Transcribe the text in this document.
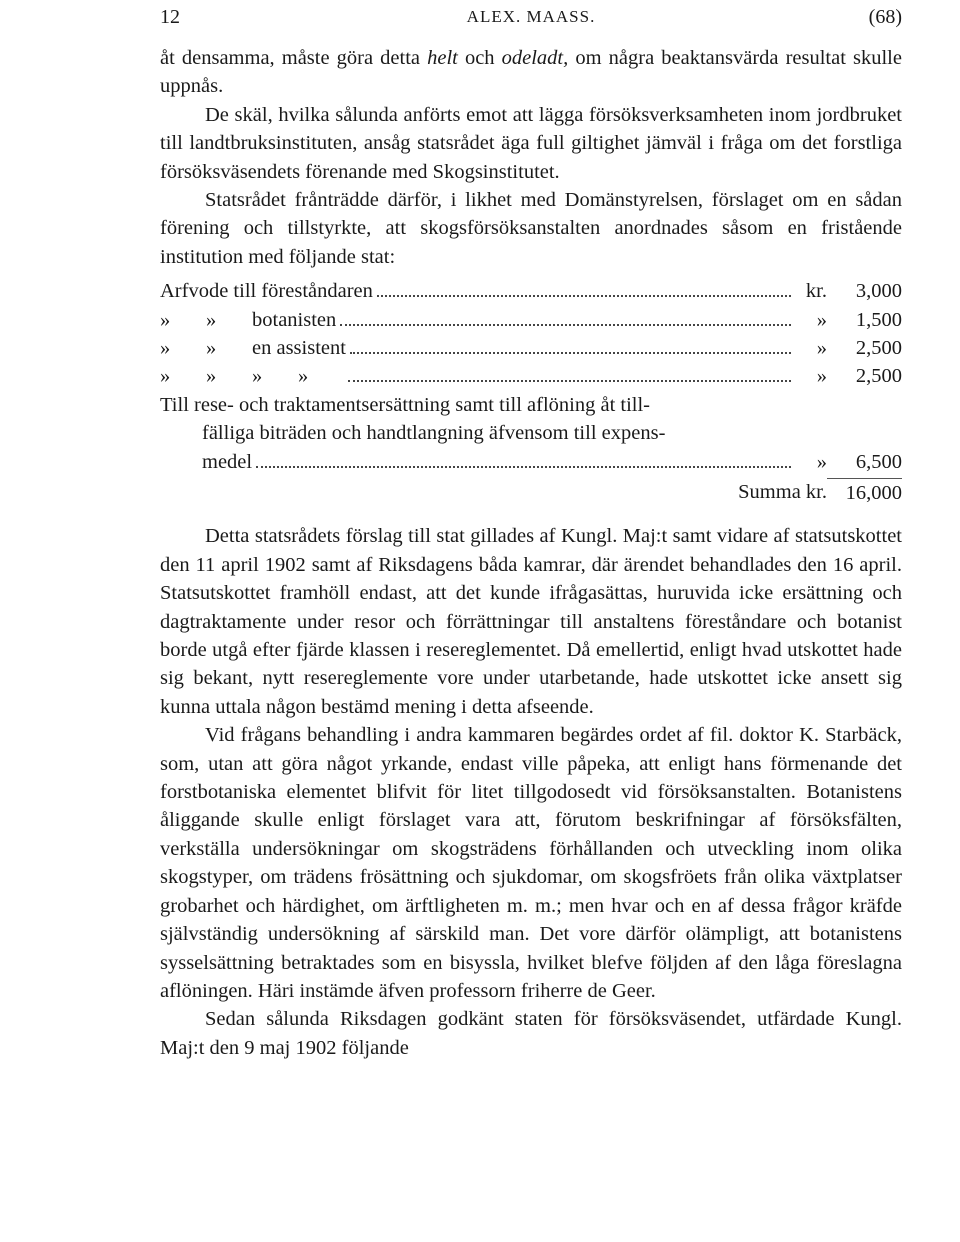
12	ALEX. MAASS.	(68)

åt densamma, måste göra detta helt och odeladt, om några beaktansvärda resultat skulle uppnås.

De skäl, hvilka sålunda anförts emot att lägga försöksverksamheten inom jordbruket till landtbruksinstituten, ansåg statsrådet äga full giltighet jämväl i fråga om det forstliga försöksväsendets förenande med Skogsinstitutet.

Statsrådet frånträdde därför, i likhet med Domänstyrelsen, förslaget om en sådan förening och tillstyrkte, att skogsförsöksanstalten anordnades såsom en fristående institution med följande stat:

Arfvode till föreståndaren	kr.	3,000
» » botanisten	»	1,500
» » en assistent	»	2,500
» » » »	»	2,500
Till rese- och traktamentsersättning samt till aflöning åt till-
fälliga biträden och handtlangning äfvensom till expens-
medel	»	6,500
Summa kr. 16,000

Detta statsrådets förslag till stat gillades af Kungl. Maj:t samt vidare af statsutskottet den 11 april 1902 samt af Riksdagens båda kamrar, där ärendet behandlades den 16 april. Statsutskottet framhöll endast, att det kunde ifrågasättas, huruvida icke ersättning och dagtraktamente under resor och förrättningar till anstaltens föreståndare och botanist borde utgå efter fjärde klassen i resereglementet. Då emellertid, enligt hvad utskottet hade sig bekant, nytt resereglemente vore under utarbetande, hade utskottet icke ansett sig kunna uttala någon bestämd mening i detta afseende.

Vid frågans behandling i andra kammaren begärdes ordet af fil. doktor K. Starbäck, som, utan att göra något yrkande, endast ville påpeka, att enligt hans förmenande det forstbotaniska elementet blifvit för litet tillgodosedt vid försöksanstalten. Botanistens åliggande skulle enligt förslaget vara att, förutom beskrifningar af försöksfälten, verkställa undersökningar om skogsträdens förhållanden och utveckling inom olika skogstyper, om trädens frösättning och sjukdomar, om skogsfröets från olika växtplatser grobarhet och härdighet, om ärftligheten m. m.; men hvar och en af dessa frågor kräfde självständig undersökning af särskild man. Det vore därför olämpligt, att botanistens sysselsättning betraktades som en bisyssla, hvilket blefve följden af den låga föreslagna aflöningen. Häri instämde äfven professorn friherre de Geer.

Sedan sålunda Riksdagen godkänt staten för försöksväsendet, utfärdade Kungl. Maj:t den 9 maj 1902 följande
